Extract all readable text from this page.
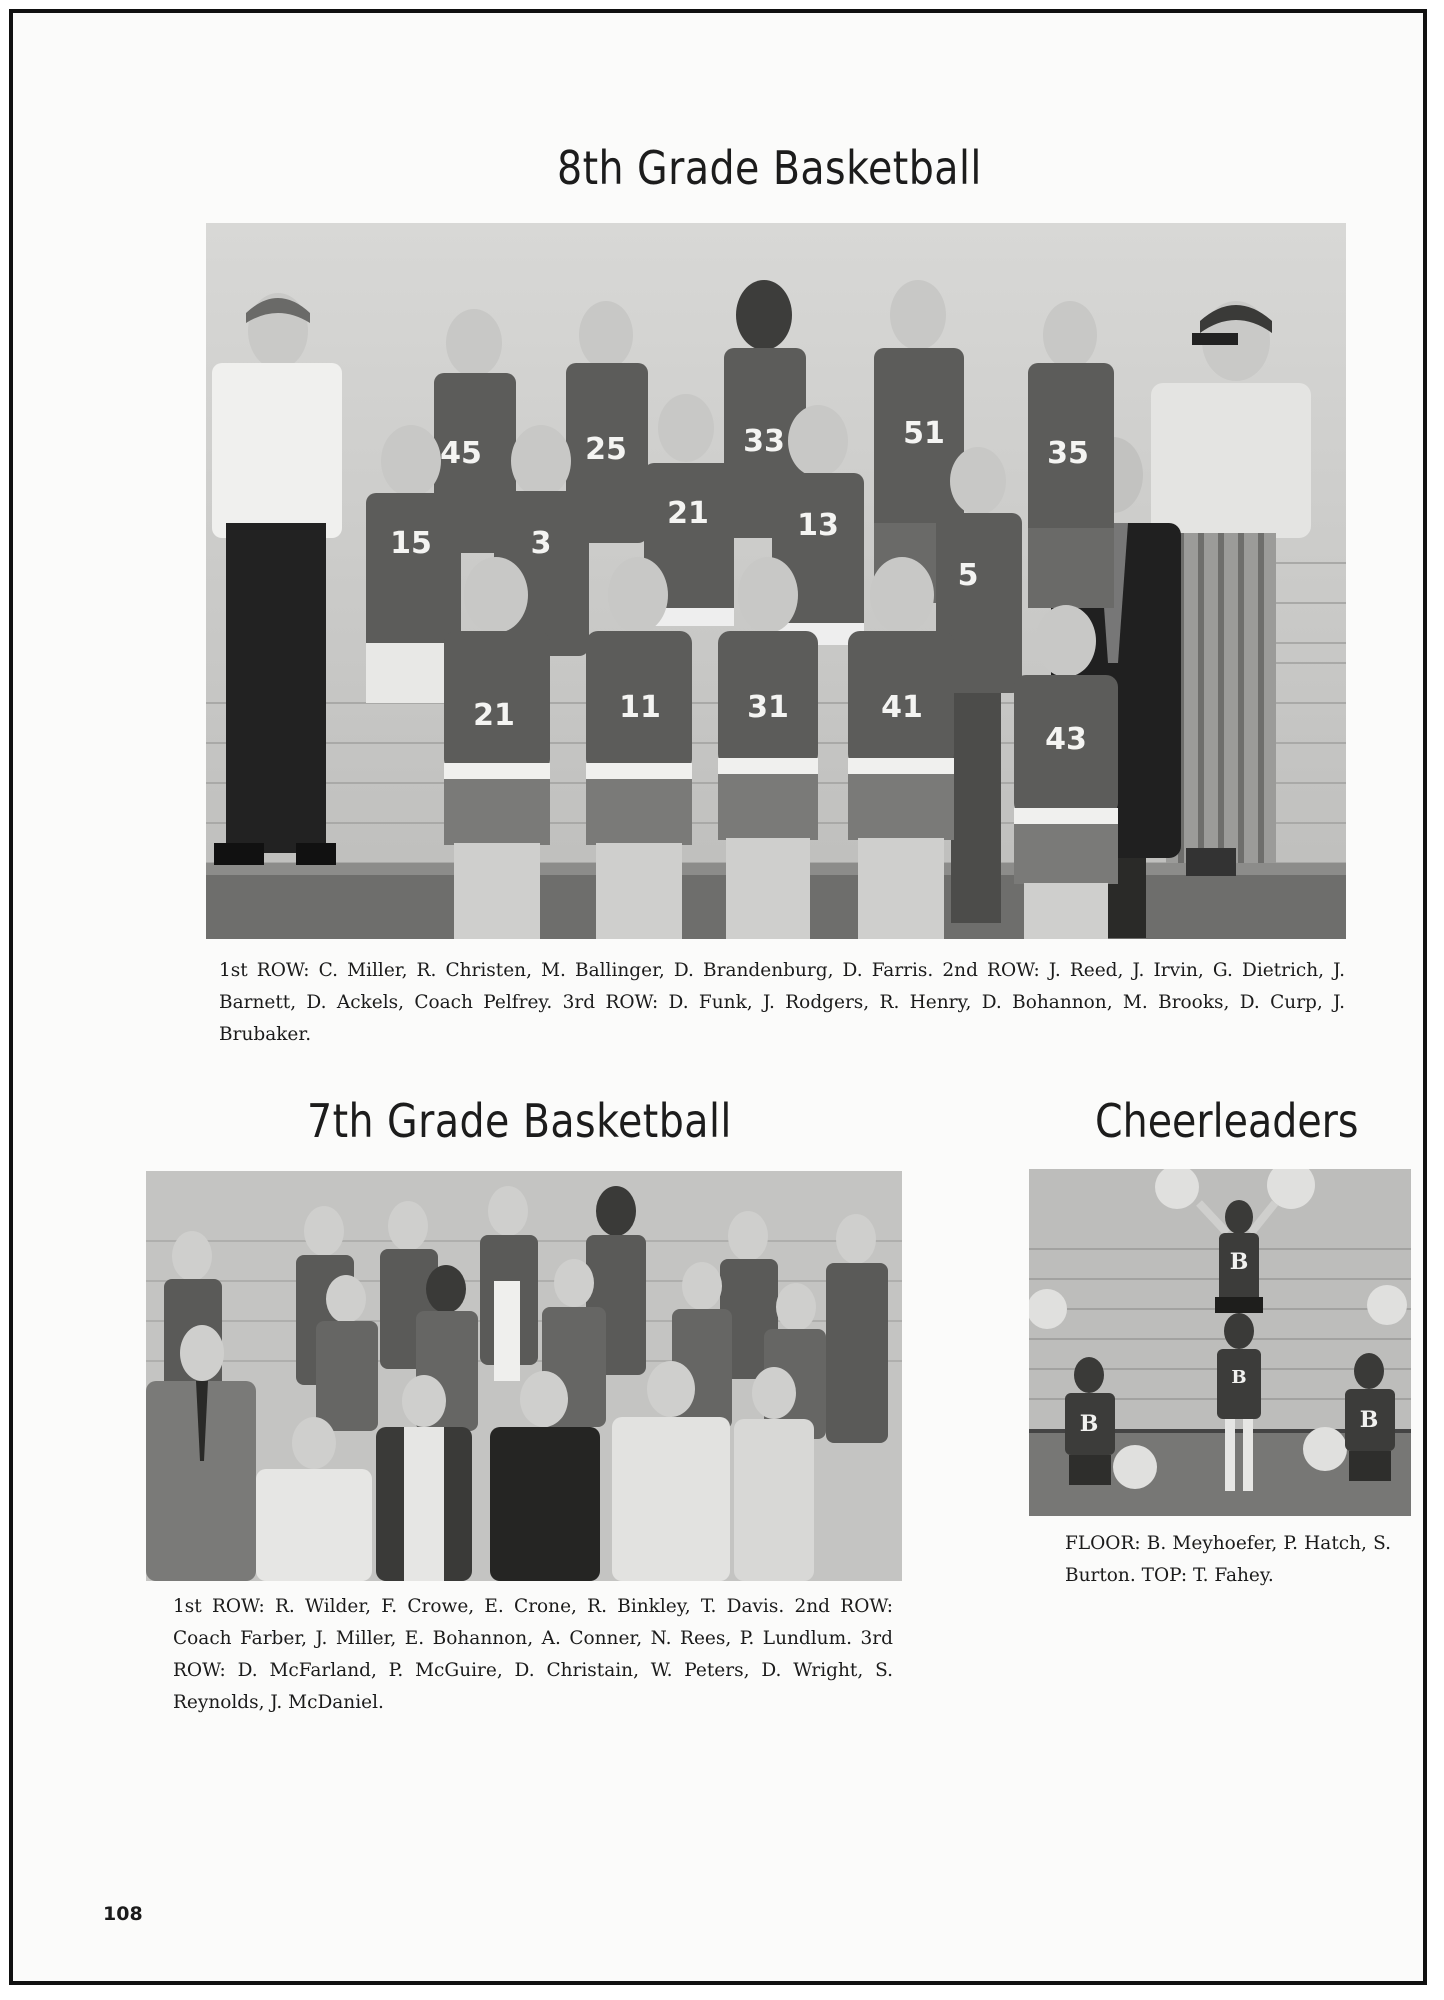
8th Grade Basketball
45	25	33	51
35
15	3
21	13
5
21	11	31	41
43

1st ROW: C. Miller, R. Christen, M. Ballinger, D. Brandenburg, D. Farris. 2nd ROW: J. Reed, J. Irvin, G. Dietrich, J. Barnett, D. Ackels, Coach Pelfrey. 3rd ROW: D. Funk, J. Rodgers, R. Henry, D. Bohannon, M. Brooks, D. Curp, J. Brubaker.

7th Grade Basketball	Cheerleaders

1st ROW: R. Wilder, F. Crowe, E. Crone, R. Binkley, T. Davis. 2nd ROW: Coach Farber, J. Miller, E. Bohannon, A. Conner, N. Rees, P. Lundlum. 3rd ROW: D. McFarland, P. McGuire, D. Christain, W. Peters, D. Wright, S. Reynolds, J. McDaniel.

B
B
B
B

FLOOR: B. Meyhoefer, P. Hatch, S. Burton. TOP: T. Fahey.

108
